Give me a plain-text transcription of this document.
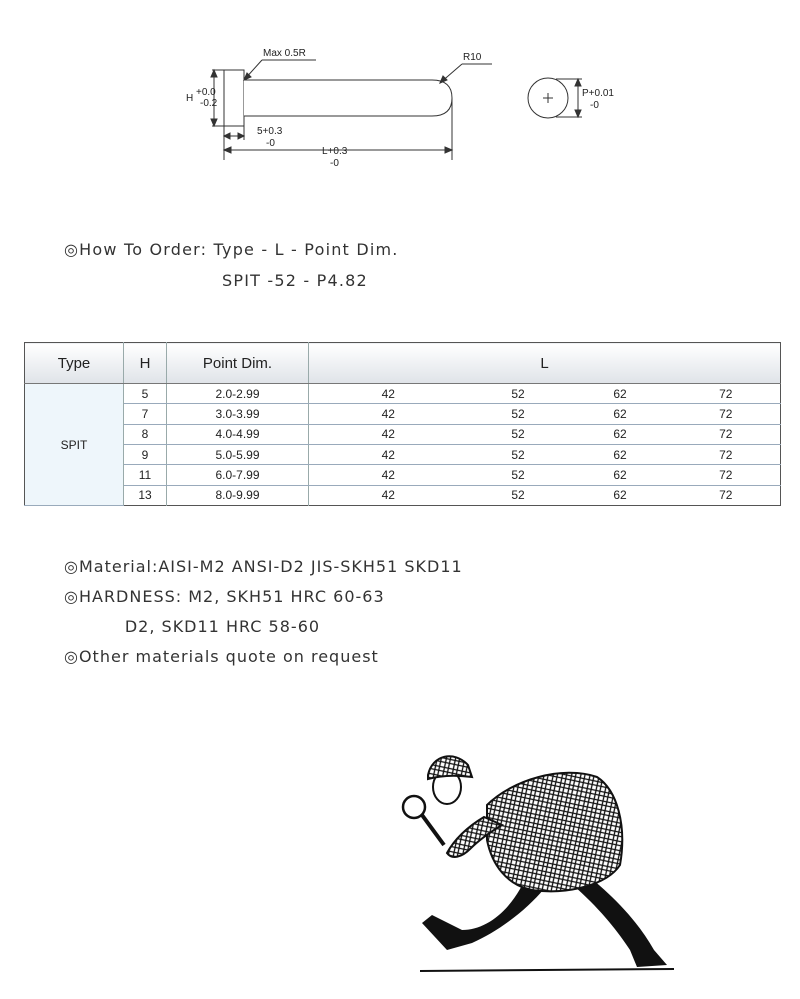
Max 0.5R	R10
H
+0.0
-0.2
5+0.3
-0
L+0.3
-0
P+0.01
-0
◎How To Order: Type - L - Point Dim.
SPIT -52 - P4.82
Type	H	Point Dim.	L			
SPIT	5	2.0-2.99	42	52	62	72
	7	3.0-3.99	42	52	62	72
	8	4.0-4.99	42	52	62	72
	9	5.0-5.99	42	52	62	72
	11	6.0-7.99	42	52	62	72
	13	8.0-9.99	42	52	62	72
◎Material:AISI-M2 ANSI-D2 JIS-SKH51 SKD11
◎HARDNESS: M2, SKH51 HRC 60-63
D2, SKD11 HRC 58-60
◎Other materials quote on request
